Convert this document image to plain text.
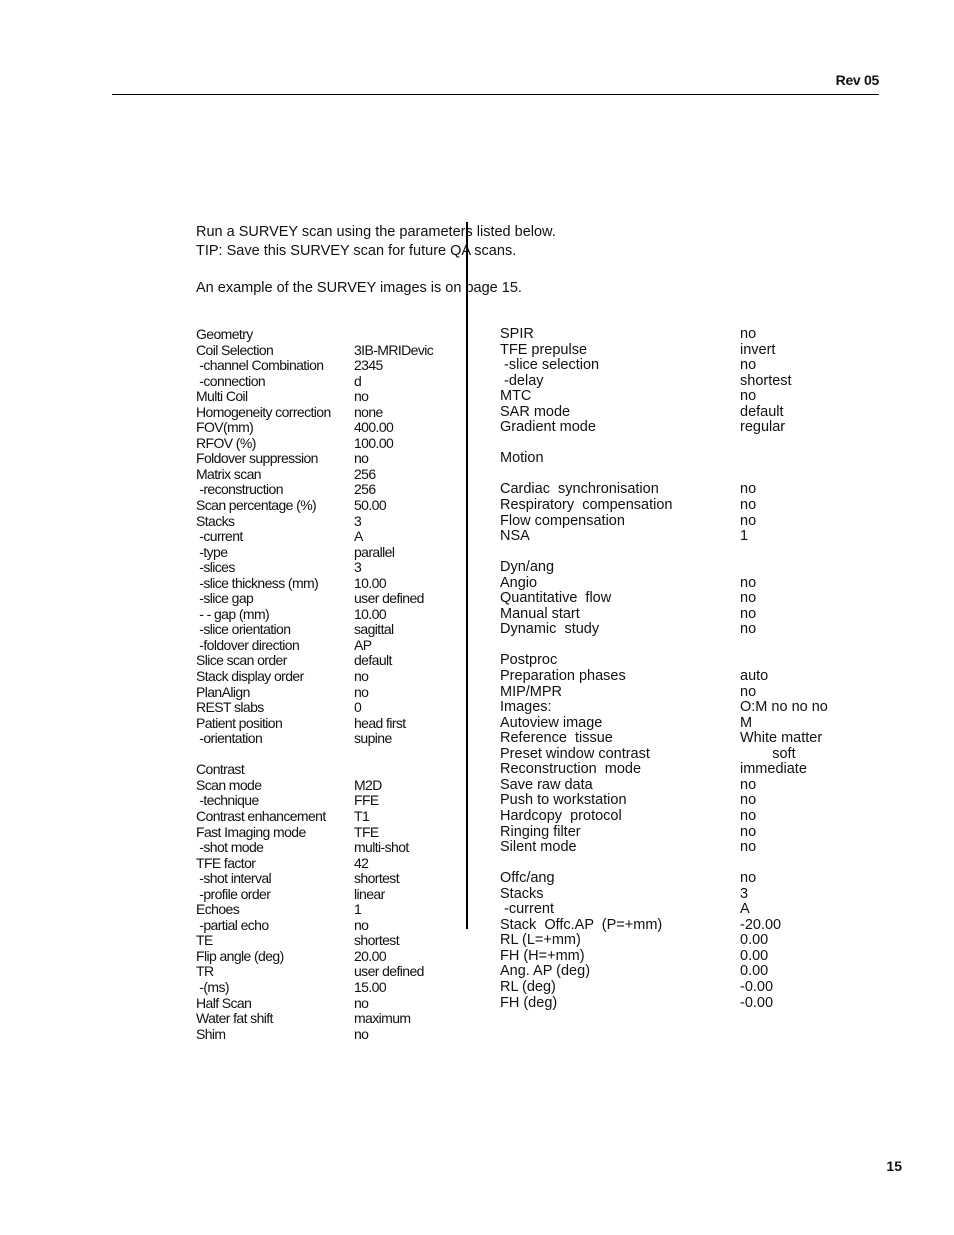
Rev 05

Run a SURVEY scan using the parameters listed below.

TIP: Save this SURVEY scan for future QA scans.

An example of the SURVEY images is on page 15.

Geometry
Coil Selection	3IB-MRIDevic
-channel Combination 2345
-connection	d
Multi Coil	no
Homogeneity correction none
FOV(mm)	400.00
RFOV (%)	100.00
Foldover suppression	no
Matrix scan	256
-reconstruction	256
Scan percentage (%)	50.00
Stacks	3
-current	A
-type	parallel
-slices	3
-slice thickness (mm)	10.00
-slice gap	user defined
- - gap (mm)	10.00
-slice orientation	sagittal
-foldover direction	AP
Slice scan order	default
Stack display order	no
PlanAlign	no
REST slabs	0
Patient position	head first
-orientation	supine
Contrast
Scan mode	M2D
-technique	FFE
Contrast enhancement T1
Fast Imaging mode	TFE
-shot mode	multi-shot
TFE factor	42
-shot interval	shortest
-profile order	linear
Echoes	1
-partial echo	no
TE	shortest
Flip angle (deg)	20.00
TR	user defined
-(ms)	15.00
Half Scan	no
Water fat shift	maximum
Shim	no
SPIR	no
TFE prepulse	invert
-slice selection	no
-delay	shortest
MTC	no
SAR mode	default
Gradient mode	regular
Motion
Cardiac  synchronisation	no
Respiratory  compensation	no
Flow compensation	no
NSA	1
Dyn/ang
Angio	no
Quantitative  flow	no
Manual start	no
Dynamic  study	no
Postproc
Preparation phases	auto
MIP/MPR	no
Images:	O:M no no no
Autoview image	M
Reference  tissue	White matter
Preset window contrast	soft
Reconstruction  mode	immediate
Save raw data	no
Push to workstation	no
Hardcopy  protocol	no
Ringing filter	no
Silent mode	no
Offc/ang	no
Stacks	3
-current	A
Stack  Offc.AP  (P=+mm)	-20.00
RL (L=+mm)	0.00
FH (H=+mm)	0.00
Ang. AP (deg)	0.00
RL (deg)	-0.00
FH (deg)	-0.00
15
